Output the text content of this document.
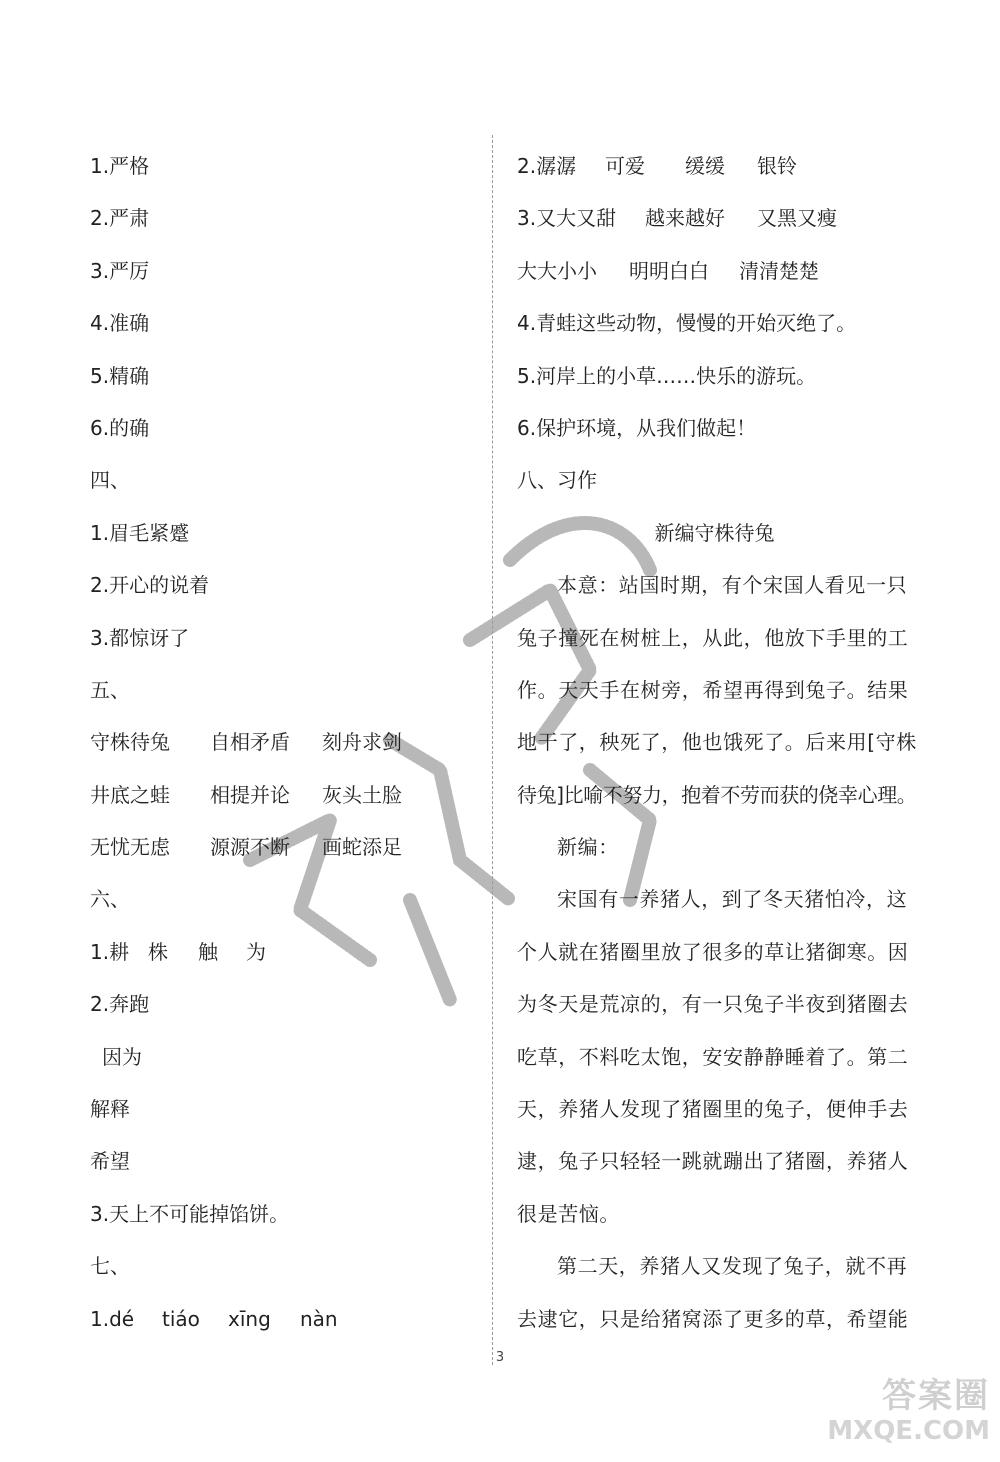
1.严格
2.严肃
3.严厉
4.准确
5.精确
6.的确
四、
1.眉毛紧蹙
2.开心的说着
3.都惊讶了
五、
守株待兔	自相矛盾	刻舟求剑
井底之蛙	相提并论	灰头土脸
无忧无虑	源源不断	画蛇添足
六、
1.耕 株	触	为
2.奔跑
因为
解释
希望
3.天上不可能掉馅饼。
七、
1.dé	tiáo	xīng	nàn
2.潺潺	可爱	缓缓	银铃
3.又大又甜	越来越好	又黑又瘦
大大小小	明明白白	清清楚楚
4.青蛙这些动物，慢慢的开始灭绝了。
5.河岸上的小草……快乐的游玩。
6.保护环境，从我们做起！
八、习作
新编守株待兔
本意：站国时期，有个宋国人看见一只
兔子撞死在树桩上，从此，他放下手里的工
作。天天手在树旁，希望再得到兔子。结果
地干了，秧死了，他也饿死了。后来用[守株
待兔]比喻不努力，抱着不劳而获的侥幸心理。
新编：
宋国有一养猪人，到了冬天猪怕冷，这
个人就在猪圈里放了很多的草让猪御寒。因
为冬天是荒凉的，有一只兔子半夜到猪圈去
吃草，不料吃太饱，安安静静睡着了。第二
天，养猪人发现了猪圈里的兔子，便伸手去
逮，兔子只轻轻一跳就蹦出了猪圈，养猪人
很是苦恼。
第二天，养猪人又发现了兔子，就不再
去逮它，只是给猪窝添了更多的草，希望能
3
答案圈
MXQE.COM
